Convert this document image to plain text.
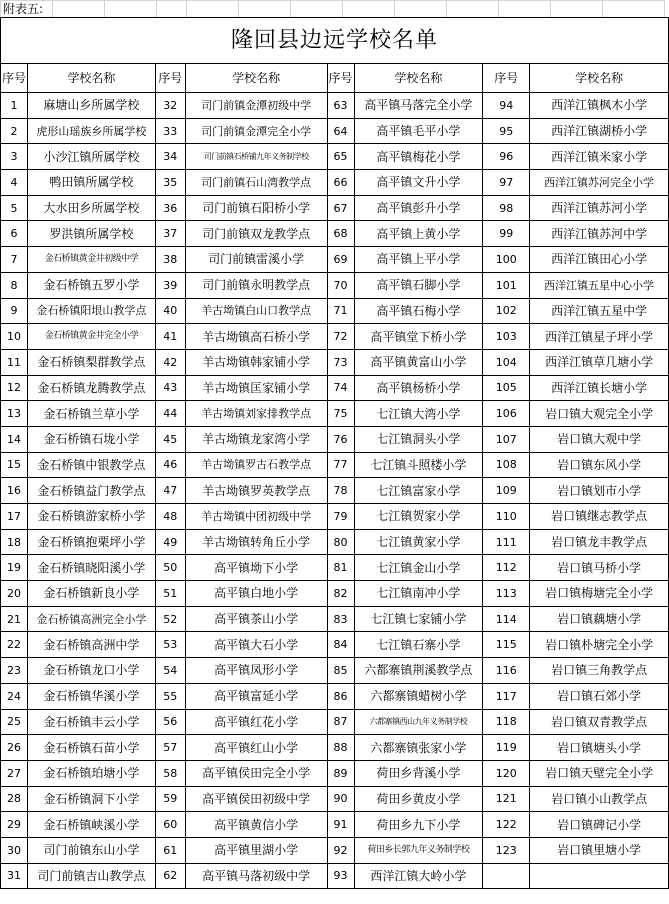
附表五:												
隆回县边远学校名单							
序号	学校名称	序号	学校名称	序号	学校名称	序号	学校名称
1	麻塘山乡所属学校	32	司门前镇金潭初级中学	63	高平镇马落完全小学	94	西洋江镇枫木小学
2	虎形山瑶族乡所属学校	33	司门前镇金潭完全小学	64	高平镇毛平小学	95	西洋江镇湖桥小学
3	小沙江镇所属学校	34	司门前镇石桥铺九年义务制学校	65	高平镇梅花小学	96	西洋江镇米家小学
4	鸭田镇所属学校	35	司门前镇石山湾教学点	66	高平镇文升小学	97	西洋江镇苏河完全小学
5	大水田乡所属学校	36	司门前镇石阳桥小学	67	高平镇彭升小学	98	西洋江镇苏河小学
6	罗洪镇所属学校	37	司门前镇双龙教学点	68	高平镇上黄小学	99	西洋江镇苏河中学
7	金石桥镇黄金井初级中学	38	司门前镇雷溪小学	69	高平镇上平小学	100	西洋江镇田心小学
8	金石桥镇五罗小学	39	司门前镇永明教学点	70	高平镇石脚小学	101	西洋江镇五星中心小学
9	金石桥镇阳垠山教学点	40	羊古坳镇白山口教学点	71	高平镇石梅小学	102	西洋江镇五星中学
10	金石桥镇黄金井完全小学	41	羊古坳镇高石桥小学	72	高平镇堂下桥小学	103	西洋江镇星子坪小学
11	金石桥镇梨群教学点	42	羊古坳镇韩家铺小学	73	高平镇黄富山小学	104	西洋江镇草几塘小学
12	金石桥镇龙腾教学点	43	羊古坳镇匡家铺小学	74	高平镇杨桥小学	105	西洋江镇长塘小学
13	金石桥镇兰草小学	44	羊古坳镇刘家排教学点	75	七江镇大湾小学	106	岩口镇大观完全小学
14	金石桥镇石垅小学	45	羊古坳镇龙家湾小学	76	七江镇洞头小学	107	岩口镇大观中学
15	金石桥镇中银教学点	46	羊古坳镇罗古石教学点	77	七江镇斗照楼小学	108	岩口镇东风小学
16	金石桥镇益门教学点	47	羊古坳镇罗英教学点	78	七江镇富家小学	109	岩口镇划市小学
17	金石桥镇游家桥小学	48	羊古坳镇中团初级中学	79	七江镇贺家小学	110	岩口镇继志教学点
18	金石桥镇抱栗坪小学	49	羊古坳镇转角丘小学	80	七江镇黄家小学	111	岩口镇龙丰教学点
19	金石桥镇晓阳溪小学	50	高平镇坳下小学	81	七江镇金山小学	112	岩口镇马桥小学
20	金石桥镇新良小学	51	高平镇白地小学	82	七江镇南冲小学	113	岩口镇梅塘完全小学
21	金石桥镇高洲完全小学	52	高平镇茶山小学	83	七江镇七家铺小学	114	岩口镇藕塘小学
22	金石桥镇高洲中学	53	高平镇大石小学	84	七江镇石寨小学	115	岩口镇朴塘完全小学
23	金石桥镇龙口小学	54	高平镇凤形小学	85	六都寨镇荆溪教学点	116	岩口镇三角教学点
24	金石桥镇华溪小学	55	高平镇富延小学	86	六都寨镇蜡树小学	117	岩口镇石郊小学
25	金石桥镇丰云小学	56	高平镇红花小学	87	六都寨镇西山九年义务制学校	118	岩口镇双青教学点
26	金石桥镇石苗小学	57	高平镇红山小学	88	六都寨镇张家小学	119	岩口镇塘头小学
27	金石桥镇珀塘小学	58	高平镇侯田完全小学	89	荷田乡背溪小学	120	岩口镇天壁完全小学
28	金石桥镇洞下小学	59	高平镇侯田初级中学	90	荷田乡黄皮小学	121	岩口镇小山教学点
29	金石桥镇峡溪小学	60	高平镇黄信小学	91	荷田乡九下小学	122	岩口镇碑记小学
30	司门前镇东山小学	61	高平镇里湖小学	92	荷田乡长郭九年义务制学校	123	岩口镇里塘小学
31	司门前镇吉山教学点	62	高平镇马落初级中学	93	西洋江镇大岭小学		
